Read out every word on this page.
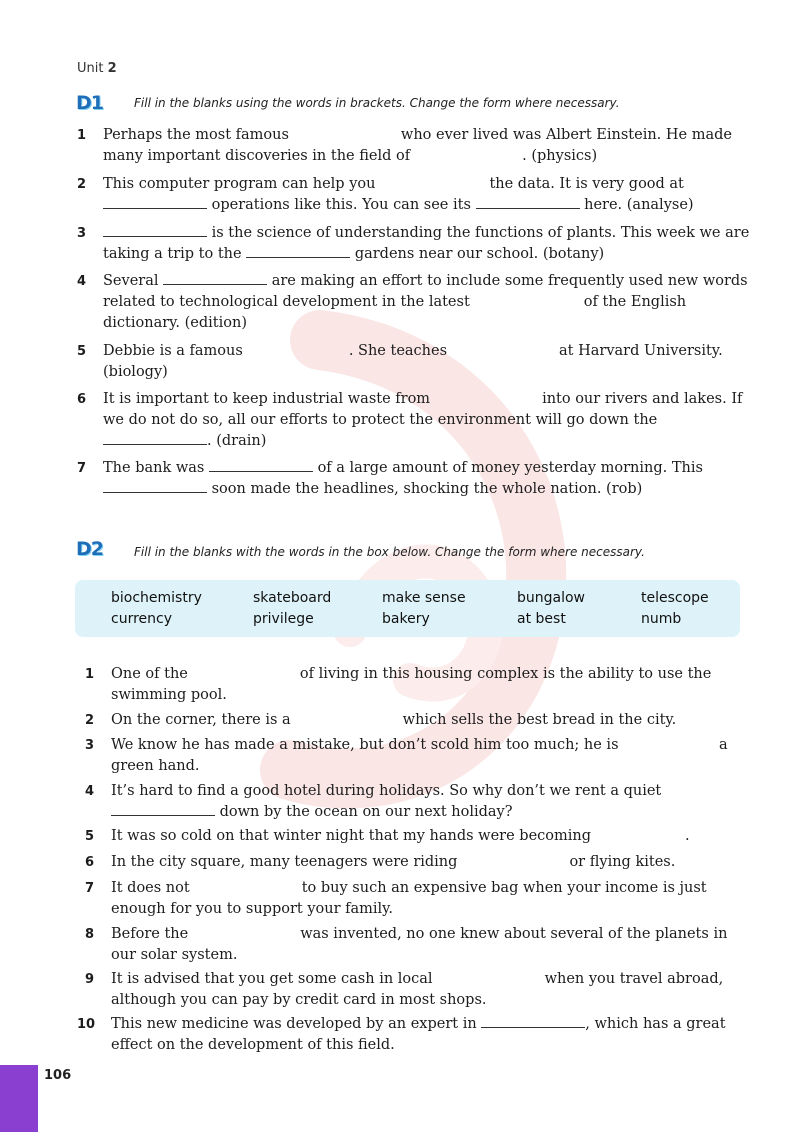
Unit 2
D1	Fill in the blanks using the words in brackets. Change the form where necessary.
1 Perhaps the most famous	who ever lived was Albert Einstein. He made
many important discoveries in the field of	. (physics)
2 This computer program can help you	the data. It is very good at
operations like this. You can see its	here. (analyse)
3	is the science of understanding the functions of plants. This week we are
taking a trip to the	gardens near our school. (botany)
4 Several	are making an effort to include some frequently used new words
related to technological development in the latest	of the English
dictionary. (edition)
5 Debbie is a famous	. She teaches	at Harvard University.
(biology)
6 It is important to keep industrial waste from	into our rivers and lakes. If
we do not do so, all our efforts to protect the environment will go down the
. (drain)
7 The bank was	of a large amount of money yesterday morning. This
soon made the headlines, shocking the whole nation. (rob)
D2	Fill in the blanks with the words in the box below. Change the form where necessary.
biochemistry	skateboard	make sense	bungalow	telescope
currency	privilege	bakery	at best	numb
1 One of the	of living in this housing complex is the ability to use the
swimming pool.
2 On the corner, there is a	which sells the best bread in the city.
3 We know he has made a mistake, but don’t scold him too much; he is	a
green hand.
4 It’s hard to find a good hotel during holidays. So why don’t we rent a quiet
down by the ocean on our next holiday?
5 It was so cold on that winter night that my hands were becoming	.
6 In the city square, many teenagers were riding	or flying kites.
7 It does not	to buy such an expensive bag when your income is just
enough for you to support your family.
8 Before the	was invented, no one knew about several of the planets in
our solar system.
9 It is advised that you get some cash in local	when you travel abroad,
although you can pay by credit card in most shops.
10 This new medicine was developed by an expert in	, which has a great
effect on the development of this field.
106
